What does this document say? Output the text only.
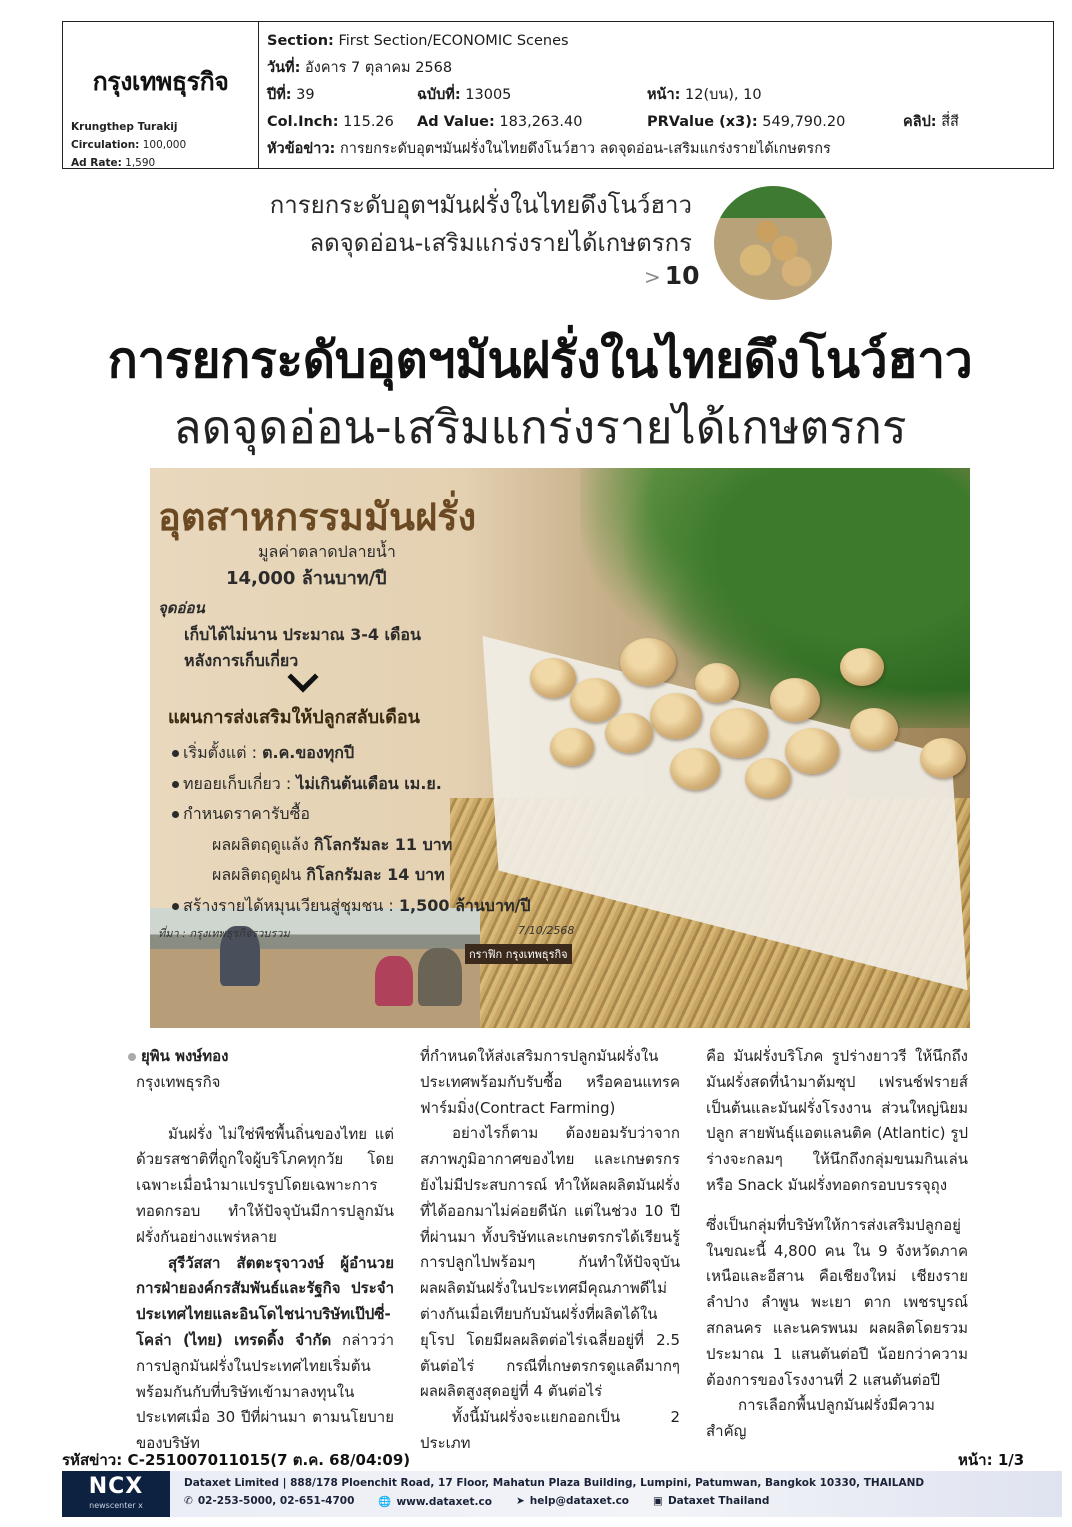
กรุงเทพธุรกิจ
Krungthep Turakij
Circulation: 100,000
Ad Rate: 1,590
Section:
First Section/ECONOMIC Scenes
วันที่:
อังคาร 7 ตุลาคม 2568
ปีที่: 39	ฉบับที่: 13005	หน้า: 12(บน), 10
Col.Inch: 115.26	Ad Value: 183,263.40	PRValue (x3): 549,790.20	คลิป: สี่สี
หัวข้อข่าว:
การยกระดับอุตฯมันฝรั่งในไทยดึงโนว์ฮาว ลดจุดอ่อน-เสริมแกร่งรายได้เกษตรกร
การยกระดับอุตฯมันฝรั่งในไทยดึงโนว์ฮาว
ลดจุดอ่อน-เสริมแกร่งรายได้เกษตรกร
> 10
การยกระดับอุตฯมันฝรั่งในไทยดึงโนว์ฮาว
ลดจุดอ่อน-เสริมแกร่งรายได้เกษตรกร
อุตสาหกรรมมันฝรั่ง
มูลค่าตลาดปลายน้ำ
14,000 ล้านบาท/ปี
จุดอ่อน
เก็บได้ไม่นาน ประมาณ 3-4 เดือน
หลังการเก็บเกี่ยว
แผนการส่งเสริมให้ปลูกสลับเดือน
เริ่มตั้งแต่ : ต.ค.ของทุกปี
ทยอยเก็บเกี่ยว : ไม่เกินต้นเดือน เม.ย.
กำหนดราคารับซื้อ
ผลผลิตฤดูแล้ง กิโลกรัมละ 11 บาท
ผลผลิตฤดูฝน กิโลกรัมละ 14 บาท
สร้างรายได้หมุนเวียนสู่ชุมชน : 1,500 ล้านบาท/ปี
ที่มา : กรุงเทพธุรกิจรวบรวม	7/10/2568
กราฟิก กรุงเทพธุรกิจ

ยุพิน พงษ์ทอง

กรุงเทพธุรกิจ

มันฝรั่ง ไม่ใช่พืชพื้นถิ่นของไทย แต่ด้วยรสชาติที่ถูกใจผู้บริโภคทุกวัย โดยเฉพาะเมื่อนำมาแปรรูปโดยเฉพาะการทอดกรอบ ทำให้ปัจจุบันมีการปลูกมันฝรั่งกันอย่างแพร่หลาย

สุรีวัสสา สัตตะรุจาวงษ์ ผู้อำนวยการฝ่ายองค์กรสัมพันธ์และรัฐกิจ ประจำประเทศไทยและอินโดไชน่าบริษัทเป๊ปซี่-โคล่า (ไทย) เทรดดิ้ง จำกัด กล่าวว่า การปลูกมันฝรั่งในประเทศไทยเริ่มต้นพร้อมกันกับที่บริษัทเข้ามาลงทุนในประเทศเมื่อ 30 ปีที่ผ่านมา ตามนโยบายของบริษัท

ที่กำหนดให้ส่งเสริมการปลูกมันฝรั่งในประเทศพร้อมกับรับซื้อ หรือคอนแทรคฟาร์มมิ่ง(Contract Farming)

อย่างไรก็ตาม ต้องยอมรับว่าจากสภาพภูมิอากาศของไทย และเกษตรกรยังไม่มีประสบการณ์ ทำให้ผลผลิตมันฝรั่งที่ได้ออกมาไม่ค่อยดีนัก แต่ในช่วง 10 ปีที่ผ่านมา ทั้งบริษัทและเกษตรกรได้เรียนรู้การปลูกไปพร้อมๆ กันทำให้ปัจจุบันผลผลิตมันฝรั่งในประเทศมีคุณภาพดีไม่ต่างกันเมื่อเทียบกับมันฝรั่งที่ผลิตได้ในยุโรป โดยมีผลผลิตต่อไร่เฉลี่ยอยู่ที่ 2.5 ตันต่อไร่ กรณีที่เกษตรกรดูแลดีมากๆ ผลผลิตสูงสุดอยู่ที่ 4 ตันต่อไร่

ทั้งนี้มันฝรั่งจะแยกออกเป็น 2 ประเภท

คือ มันฝรั่งบริโภค รูปร่างยาวรี ให้นึกถึงมันฝรั่งสดที่นำมาต้มซุป เฟรนช์ฟรายส์ เป็นต้นและมันฝรั่งโรงงาน ส่วนใหญ่นิยมปลูก สายพันธุ์แอตแลนติค (Atlantic) รูปร่างจะกลมๆ ให้นึกถึงกลุ่มขนมกินเล่น หรือ Snack มันฝรั่งทอดกรอบบรรจุถุง

ซึ่งเป็นกลุ่มที่บริษัทให้การส่งเสริมปลูกอยู่ในขณะนี้ 4,800 คน ใน 9 จังหวัดภาคเหนือและอีสาน คือเชียงใหม่ เชียงราย ลำปาง ลำพูน พะเยา ตาก เพชรบูรณ์ สกลนคร และนครพนม ผลผลิตโดยรวมประมาณ 1 แสนตันต่อปี น้อยกว่าความต้องการของโรงงานที่ 2 แสนตันต่อปี

การเลือกพื้นปลูกมันฝรั่งมีความสำคัญ

รหัสข่าว: C-251007011015(7 ต.ค. 68/04:09)	หน้า: 1/3
NCX
newscenter x
Dataxet Limited | 888/178 Ploenchit Road, 17 Floor, Mahatun Plaza Building, Lumpini, Patumwan, Bangkok 10330, THAILAND
✆ 02-253-5000, 02-651-4700 🌐 www.dataxet.co ➤ help@dataxet.co ▣ Dataxet Thailand
